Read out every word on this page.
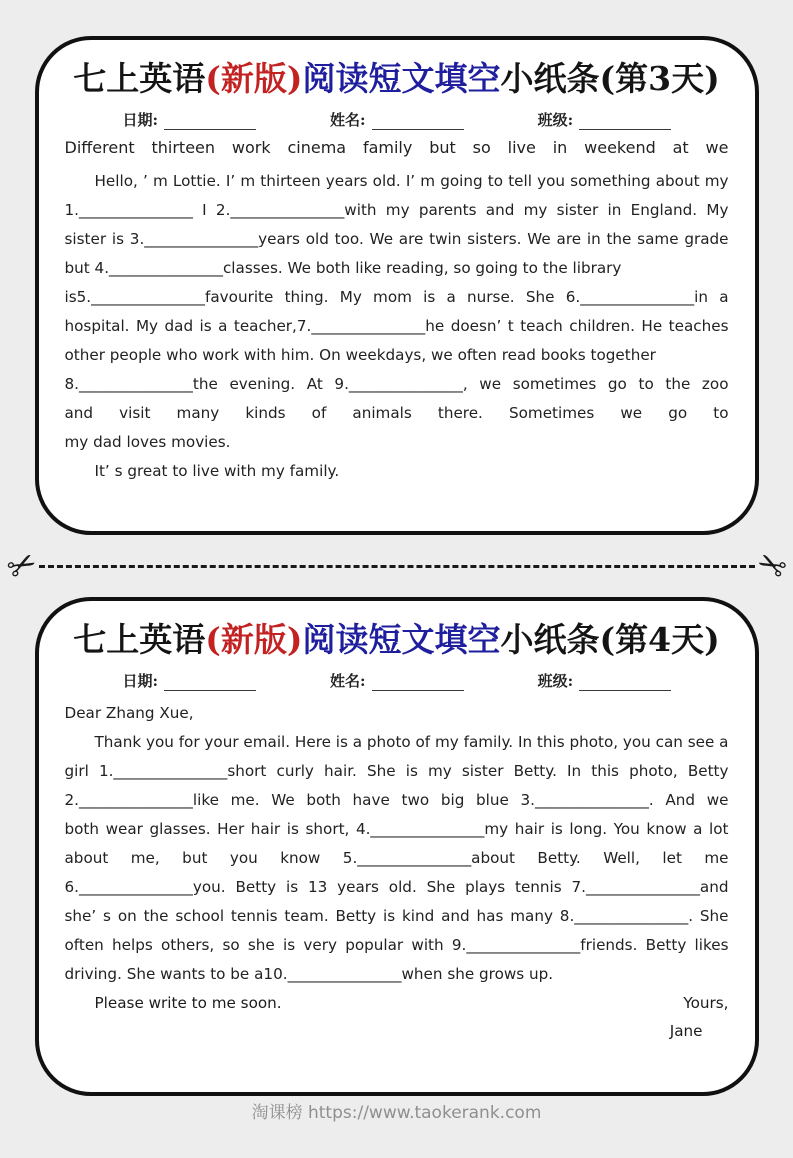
七上英语(新版)阅读短文填空小纸条(第3天)
日期:	姓名:	班级:
Different thirteen work cinema family but so live in weekend at we
Hello, ’ m Lottie. I’ m thirteen years old. I’ m going to tell you something about my
1._______________ I 2._______________with my parents and my sister in England. My
sister is 3._______________years old too. We are twin sisters. We are in the same grade
but 4._______________classes. We both like reading, so going to the library
is5._______________favourite thing. My mom is a nurse. She 6._______________in a
hospital. My dad is a teacher,7._______________he doesn’ t teach children. He teaches
other people who work with him. On weekdays, we often read books together
8._______________the evening. At 9._______________, we sometimes go to the zoo
and visit many kinds of animals there. Sometimes we go to
my dad loves movies.
It’ s great to live with my family.
✂	✂
七上英语(新版)阅读短文填空小纸条(第4天)
日期:	姓名:	班级:
Dear Zhang Xue,
Thank you for your email. Here is a photo of my family. In this photo, you can see a
girl 1._______________short curly hair. She is my sister Betty. In this photo, Betty
2._______________like me. We both have two big blue 3._______________. And we
both wear glasses. Her hair is short, 4._______________my hair is long. You know a lot
about me, but you know 5._______________about Betty. Well, let me
6._______________you. Betty is 13 years old. She plays tennis 7._______________and
she’ s on the school tennis team. Betty is kind and has many 8._______________. She
often helps others, so she is very popular with 9._______________friends. Betty likes
driving. She wants to be a10._______________when she grows up.
Please write to me soon.	Yours,
Jane
淘课榜 https://www.taokerank.com
